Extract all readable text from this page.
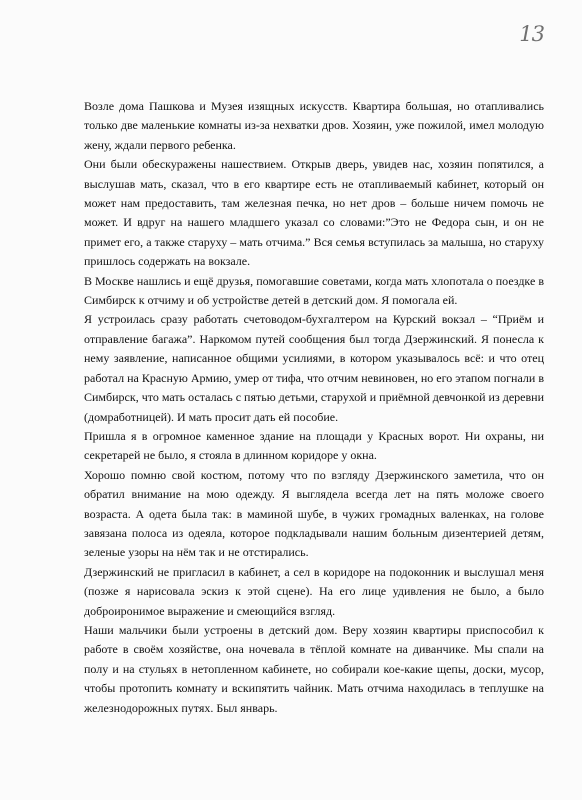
13

Возле дома Пашкова и Музея изящных искусств. Квартира большая, но отапливались только две маленькие комнаты из-за нехватки дров. Хозяин, уже пожилой, имел молодую жену, ждали первого ребенка.

Они были обескуражены нашествием. Открыв дверь, увидев нас, хозяин попятился, а выслушав мать, сказал, что в его квартире есть не отапливаемый кабинет, который он может нам предоставить, там железная печка, но нет дров – больше ничем помочь не может. И вдруг на нашего младшего указал со словами:”Это не Федора сын, и он не примет его, а также старуху – мать отчима.” Вся семья вступилась за малыша, но старуху пришлось содержать на вокзале.

В Москве нашлись и ещё друзья, помогавшие советами, когда мать хлопотала о поездке в Симбирск к отчиму и об устройстве детей в детский дом. Я помогала ей.

Я устроилась сразу работать счетоводом-бухгалтером на Курский вокзал – “Приём и отправление багажа”. Наркомом путей сообщения был тогда Дзержинский. Я понесла к нему заявление, написанное общими усилиями, в котором указывалось всё: и что отец работал на Красную Армию, умер от тифа, что отчим невиновен, но его этапом погнали в Симбирск, что мать осталась с пятью детьми, старухой и приёмной девчонкой из деревни (домработницей). И мать просит дать ей пособие.

Пришла я в огромное каменное здание на площади у Красных ворот. Ни охраны, ни секретарей не было, я стояла в длинном коридоре у окна.

Хорошо помню свой костюм, потому что по взгляду Дзержинского заметила, что он обратил внимание на мою одежду. Я выглядела всегда лет на пять моложе своего возраста. А одета была так: в маминой шубе, в чужих громадных валенках, на голове завязана полоса из одеяла, которое подкладывали нашим больным дизентерией детям, зеленые узоры на нём так и не отстирались.

Дзержинский не пригласил в кабинет, а сел в коридоре на подоконник и выслушал меня (позже я нарисовала эскиз к этой сцене). На его лице удивления не было, а было доброиронимое выражение и смеющийся взгляд.

Наши мальчики были устроены в детский дом. Веру хозяин квартиры приспособил к работе в своём хозяйстве, она ночевала в тёплой комнате на диванчике. Мы спали на полу и на стульях в нетопленном кабинете, но собирали кое-какие щепы, доски, мусор, чтобы протопить комнату и вскипятить чайник. Мать отчима находилась в теплушке на железнодорожных путях. Был январь.
